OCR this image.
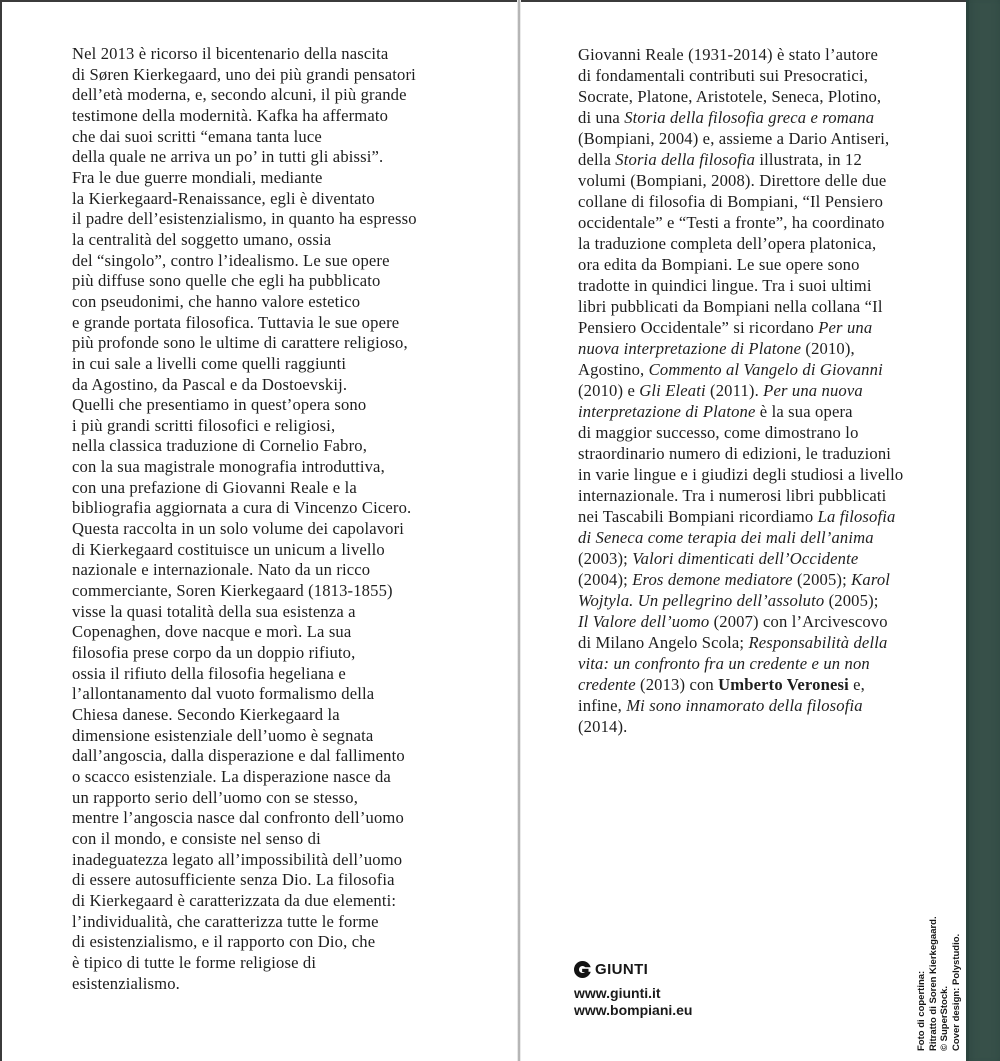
Nel 2013 è ricorso il bicentenario della nascita
di Søren Kierkegaard, uno dei più grandi pensatori
dell’età moderna, e, secondo alcuni, il più grande
testimone della modernità. Kafka ha affermato
che dai suoi scritti “emana tanta luce
della quale ne arriva un po’ in tutti gli abissi”.
Fra le due guerre mondiali, mediante
la Kierkegaard-Renaissance, egli è diventato
il padre dell’esistenzialismo, in quanto ha espresso
la centralità del soggetto umano, ossia
del “singolo”, contro l’idealismo. Le sue opere
più diffuse sono quelle che egli ha pubblicato
con pseudonimi, che hanno valore estetico
e grande portata filosofica. Tuttavia le sue opere
più profonde sono le ultime di carattere religioso,
in cui sale a livelli come quelli raggiunti
da Agostino, da Pascal e da Dostoevskij.
Quelli che presentiamo in quest’opera sono
i più grandi scritti filosofici e religiosi,
nella classica traduzione di Cornelio Fabro,
con la sua magistrale monografia introduttiva,
con una prefazione di Giovanni Reale e la
bibliografia aggiornata a cura di Vincenzo Cicero.
Questa raccolta in un solo volume dei capolavori
di Kierkegaard costituisce un unicum a livello
nazionale e internazionale. Nato da un ricco
commerciante, Soren Kierkegaard (1813-1855)
visse la quasi totalità della sua esistenza a
Copenaghen, dove nacque e morì. La sua
filosofia prese corpo da un doppio rifiuto,
ossia il rifiuto della filosofia hegeliana e
l’allontanamento dal vuoto formalismo della
Chiesa danese. Secondo Kierkegaard la
dimensione esistenziale dell’uomo è segnata
dall’angoscia, dalla disperazione e dal fallimento
o scacco esistenziale. La disperazione nasce da
un rapporto serio dell’uomo con se stesso,
mentre l’angoscia nasce dal confronto dell’uomo
con il mondo, e consiste nel senso di
inadeguatezza legato all’impossibilità dell’uomo
di essere autosufficiente senza Dio. La filosofia
di Kierkegaard è caratterizzata da due elementi:
l’individualità, che caratterizza tutte le forme
di esistenzialismo, e il rapporto con Dio, che
è tipico di tutte le forme religiose di
esistenzialismo.
Giovanni Reale (1931-2014) è stato l’autore
di fondamentali contributi sui Presocratici,
Socrate, Platone, Aristotele, Seneca, Plotino,
di una Storia della filosofia greca e romana
(Bompiani, 2004) e, assieme a Dario Antiseri,
della Storia della filosofia illustrata, in 12
volumi (Bompiani, 2008). Direttore delle due
collane di filosofia di Bompiani, “Il Pensiero
occidentale” e “Testi a fronte”, ha coordinato
la traduzione completa dell’opera platonica,
ora edita da Bompiani. Le sue opere sono
tradotte in quindici lingue. Tra i suoi ultimi
libri pubblicati da Bompiani nella collana “Il
Pensiero Occidentale” si ricordano Per una
nuova interpretazione di Platone (2010),
Agostino, Commento al Vangelo di Giovanni
(2010) e Gli Eleati (2011). Per una nuova
interpretazione di Platone è la sua opera
di maggior successo, come dimostrano lo
straordinario numero di edizioni, le traduzioni
in varie lingue e i giudizi degli studiosi a livello
internazionale. Tra i numerosi libri pubblicati
nei Tascabili Bompiani ricordiamo La filosofia
di Seneca come terapia dei mali dell’anima
(2003); Valori dimenticati dell’Occidente
(2004); Eros demone mediatore (2005); Karol
Wojtyla. Un pellegrino dell’assoluto (2005);
Il Valore dell’uomo (2007) con l’Arcivescovo
di Milano Angelo Scola; Responsabilità della
vita: un confronto fra un credente e un non
credente (2013) con Umberto Veronesi e,
infine, Mi sono innamorato della filosofia
(2014).
GIUNTI
www.giunti.it
www.bompiani.eu	Foto di copertina: Ritratto di Soren Kierkegaard. © SuperStock. Cover design: Polystudio.
